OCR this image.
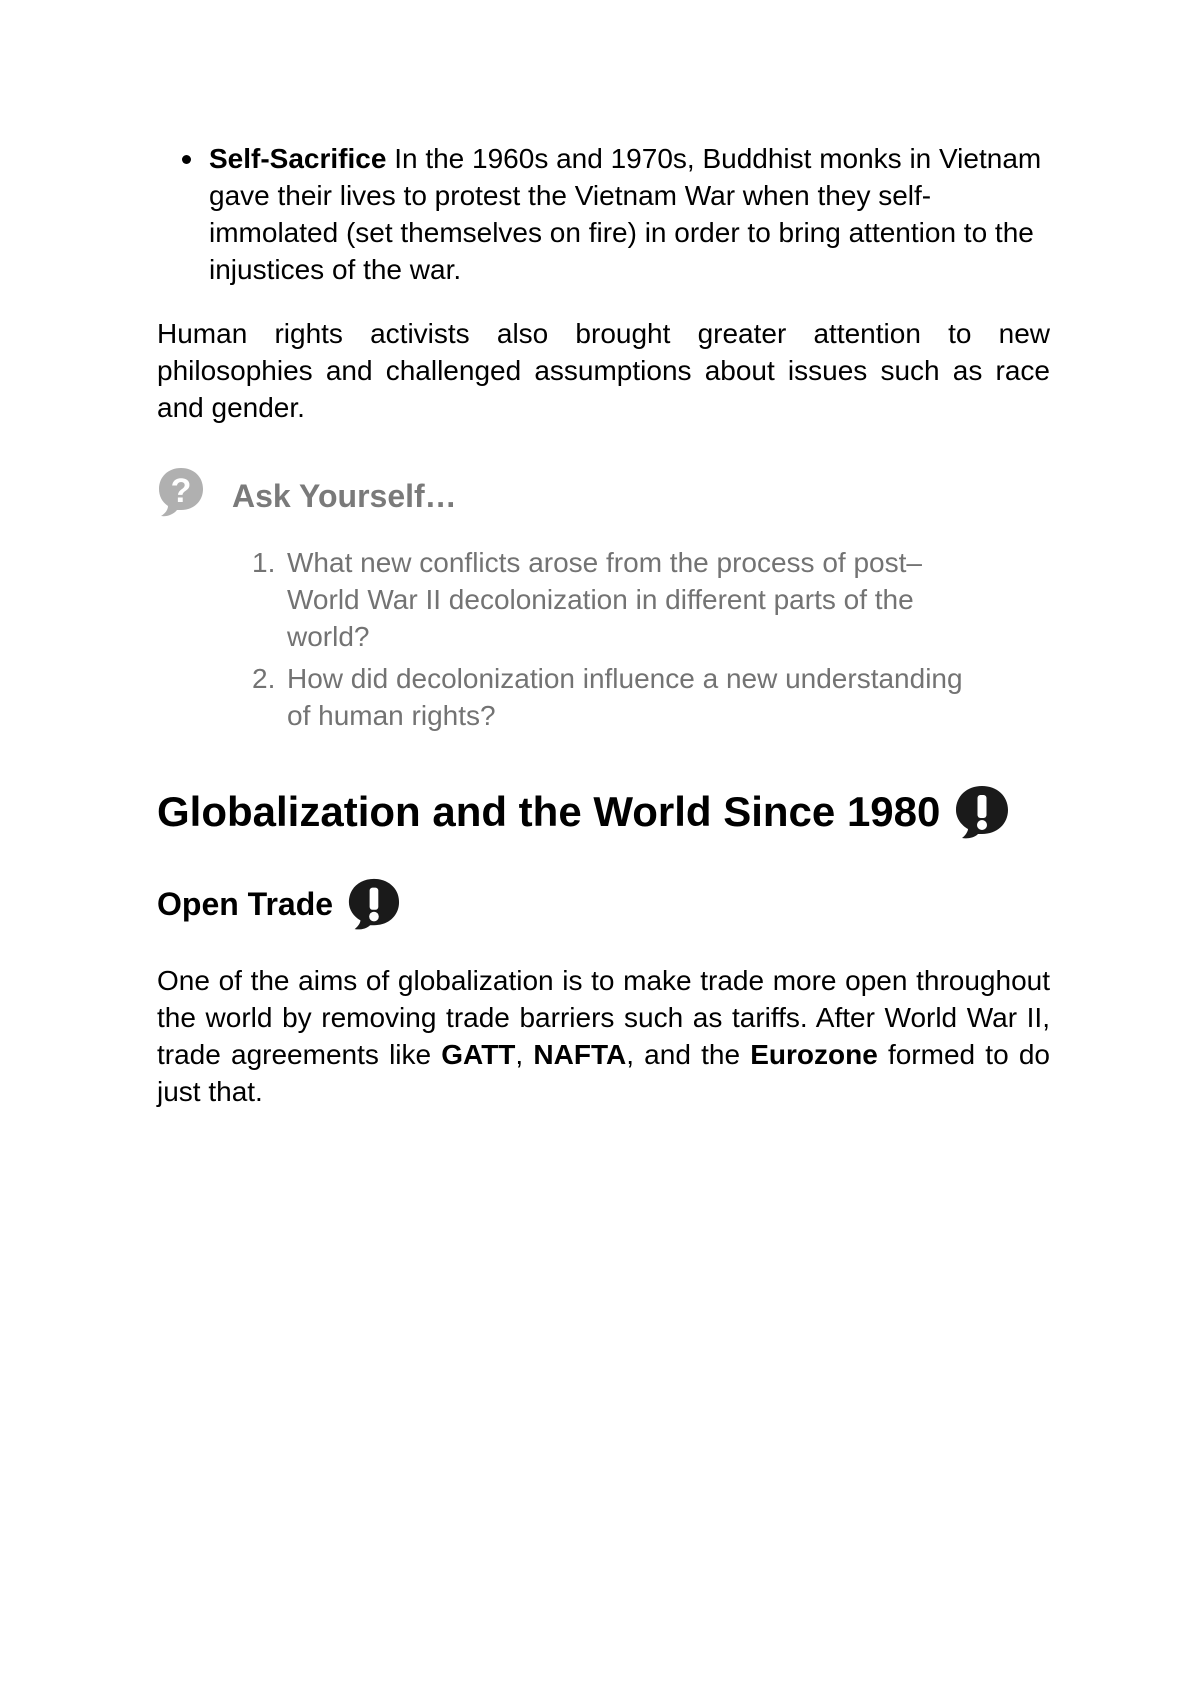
Self-Sacrifice In the 1960s and 1970s, Buddhist monks in Vietnam gave their lives to protest the Vietnam War when they self-immolated (set themselves on fire) in order to bring attention to the injustices of the war.

Human rights activists also brought greater attention to new philosophies and challenged assumptions about issues such as race and gender.

? Ask Yourself…
1. What new conflicts arose from the process of post–World War II decolonization in different parts of the world?
2. How did decolonization influence a new understanding of human rights?
Globalization and the World Since 1980
Open Trade

One of the aims of globalization is to make trade more open throughout the world by removing trade barriers such as tariffs. After World War II, trade agreements like GATT, NAFTA, and the Eurozone formed to do just that.
